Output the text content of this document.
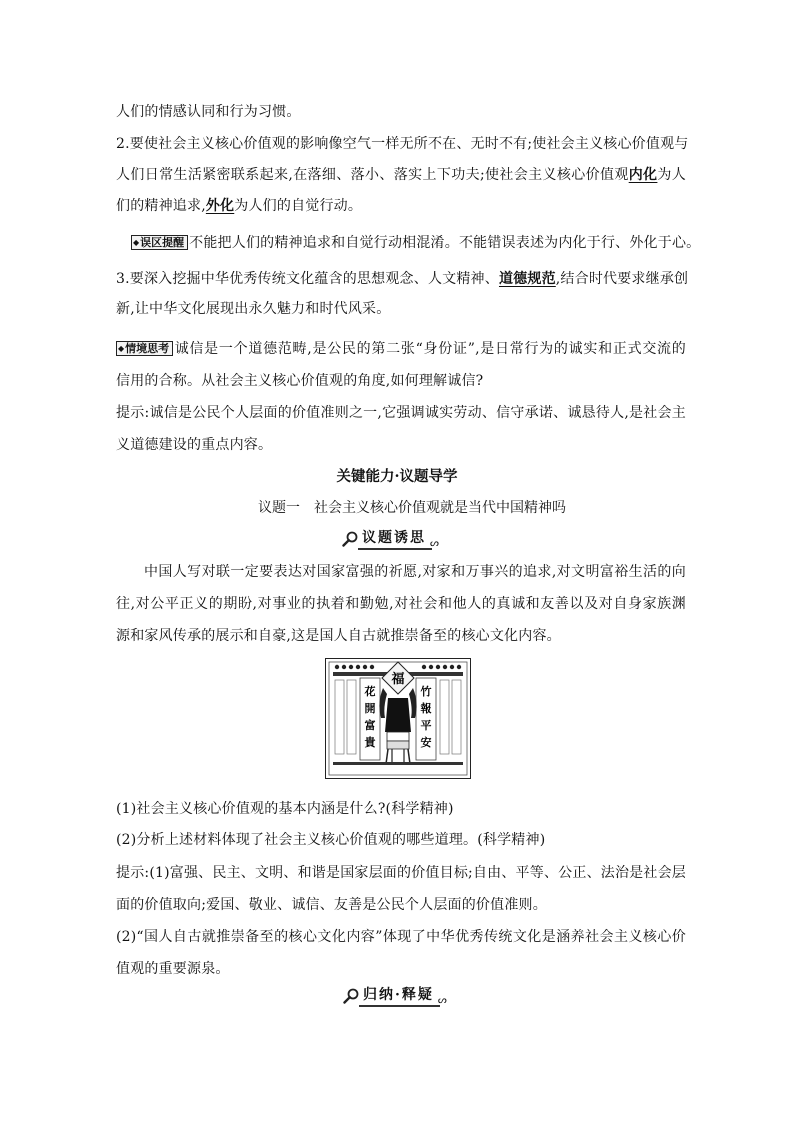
人们的情感认同和行为习惯。
2.要使社会主义核心价值观的影响像空气一样无所不在、无时不有;使社会主义核心价值观与
人们日常生活紧密联系起来,在落细、落小、落实上下功夫;使社会主义核心价值观内化为人
们的精神追求,外化为人们的自觉行动。
◆误区提醒 不能把人们的精神追求和自觉行动相混淆。不能错误表述为内化于行、外化于心。
3.要深入挖掘中华优秀传统文化蕴含的思想观念、人文精神、道德规范,结合时代要求继承创
新,让中华文化展现出永久魅力和时代风采。
◆情境思考 诚信是一个道德范畴,是公民的第二张“身份证”,是日常行为的诚实和正式交流的
信用的合称。从社会主义核心价值观的角度,如何理解诚信?
提示:诚信是公民个人层面的价值准则之一,它强调诚实劳动、信守承诺、诚恳待人,是社会主
义道德建设的重点内容。
关键能力·议题导学
议题一　社会主义核心价值观就是当代中国精神吗
议题诱思 ᔕ
中国人写对联一定要表达对国家富强的祈愿,对家和万事兴的追求,对文明富裕生活的向
往,对公平正义的期盼,对事业的执着和勤勉,对社会和他人的真诚和友善以及对自身家族渊
源和家风传承的展示和自豪,这是国人自古就推崇备至的核心文化内容。
福
花
開
富
貴
竹
報
平
安
(1)社会主义核心价值观的基本内涵是什么?(科学精神)
(2)分析上述材料体现了社会主义核心价值观的哪些道理。(科学精神)
提示:(1)富强、民主、文明、和谐是国家层面的价值目标;自由、平等、公正、法治是社会层
面的价值取向;爱国、敬业、诚信、友善是公民个人层面的价值准则。
(2)“国人自古就推崇备至的核心文化内容”体现了中华优秀传统文化是涵养社会主义核心价
值观的重要源泉。
归纳·释疑 ᔕ
